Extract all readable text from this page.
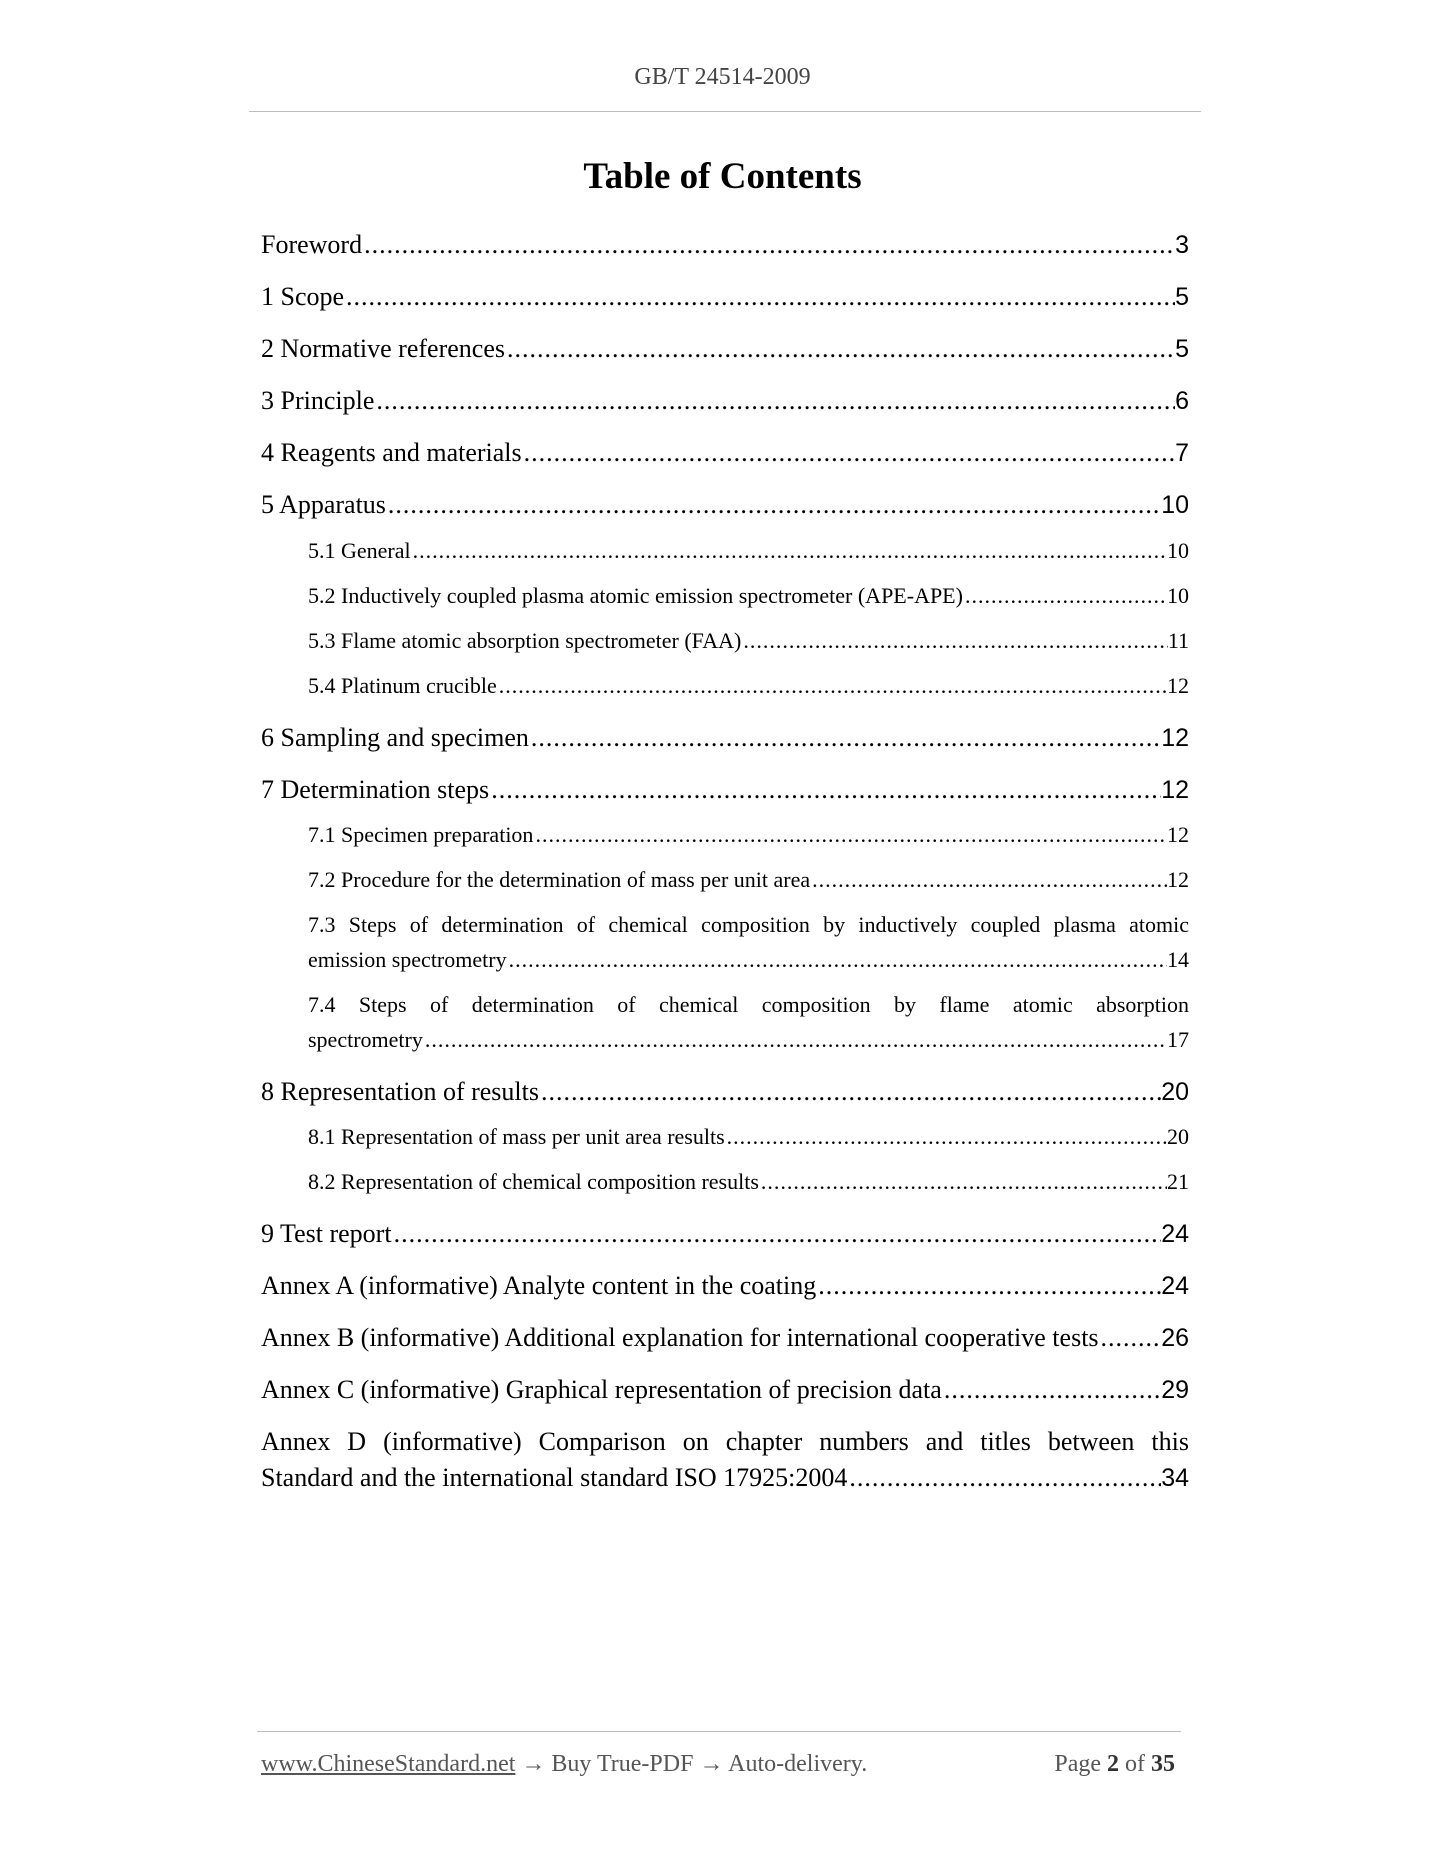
GB/T 24514-2009
Table of Contents
Foreword .....	3
1 Scope .....	5
2 Normative references .....	5
3 Principle .....	6
4 Reagents and materials .....	7
5 Apparatus .....	10
5.1 General .....	10
5.2 Inductively coupled plasma atomic emission spectrometer (APE-APE) .....	10
5.3 Flame atomic absorption spectrometer (FAA) .....	11
5.4 Platinum crucible .....	12
6 Sampling and specimen .....	12
7 Determination steps .....	12
7.1 Specimen preparation .....	12
7.2 Procedure for the determination of mass per unit area .....	12
7.3 Steps of determination of chemical composition by inductively coupled plasma atomic
emission spectrometry .....	14
7.4 Steps of determination of chemical composition by flame atomic absorption
spectrometry .....	17
8 Representation of results .....	20
8.1 Representation of mass per unit area results .....	20
8.2 Representation of chemical composition results .....	21
9 Test report .....	24
Annex A (informative) Analyte content in the coating .....	24
Annex B (informative) Additional explanation for international cooperative tests .....	26
Annex C (informative) Graphical representation of precision data .....	29
Annex D (informative) Comparison on chapter numbers and titles between this
Standard and the international standard ISO 17925:2004 .....	34
www.ChineseStandard.net → Buy True-PDF → Auto-delivery.	Page 2 of 35
